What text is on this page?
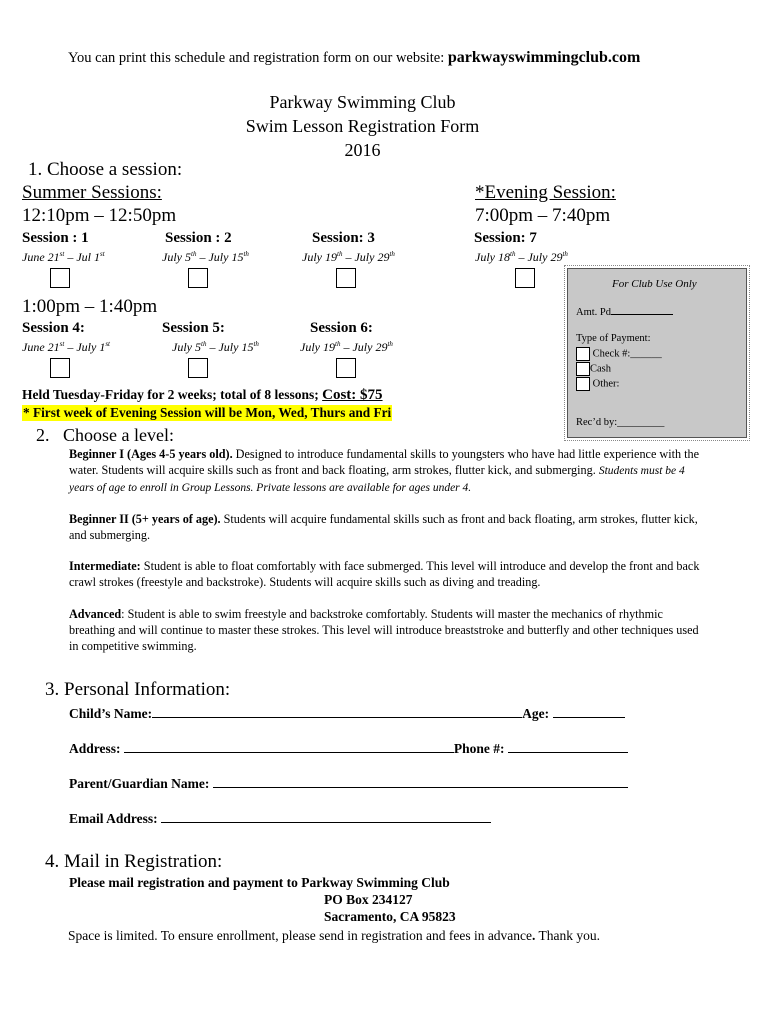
You can print this schedule and registration form on our website: parkwayswimmingclub.com
Parkway Swimming Club
Swim Lesson Registration Form
2016
1. Choose a session:
Summer Sessions:	*Evening Session:
12:10pm – 12:50pm	7:00pm – 7:40pm
Session : 1
June 21st – Jul 1st
Session : 2
July 5th – July 15th
Session: 3
July 19th – July 29th
Session: 7
July 18th – July 29th
1:00pm – 1:40pm
Session 4:
June 21st – July 1st
Session 5:
July 5th – July 15th
Session 6:
July 19th – July 29th
Held Tuesday-Friday for 2 weeks; total of 8 lessons; Cost: $75
* First week of Evening Session will be Mon, Wed, Thurs and Fri
For Club Use Only
Amt. Pd
Type of Payment:
Check #:______
Cash
Other:
Rec’d by:_________
2. Choose a level:
Beginner I (Ages 4-5 years old). Designed to introduce fundamental skills to youngsters who have had little experience with the water. Students will acquire skills such as front and back floating, arm strokes, flutter kick, and submerging. Students must be 4 years of age to enroll in Group Lessons. Private lessons are available for ages under 4.
Beginner II (5+ years of age). Students will acquire fundamental skills such as front and back floating, arm strokes, flutter kick, and submerging.
Intermediate: Student is able to float comfortably with face submerged. This level will introduce and develop the front and back crawl strokes (freestyle and backstroke). Students will acquire skills such as diving and treading.
Advanced: Student is able to swim freestyle and backstroke comfortably. Students will master the mechanics of rhythmic breathing and will continue to master these strokes. This level will introduce breaststroke and butterfly and other techniques used in competitive swimming.
3. Personal Information:
Child’s Name:	Age:
Address:	Phone #:
Parent/Guardian Name:
Email Address:
4. Mail in Registration:
Please mail registration and payment to Parkway Swimming Club
PO Box 234127
Sacramento, CA 95823
Space is limited. To ensure enrollment, please send in registration and fees in advance. Thank you.
